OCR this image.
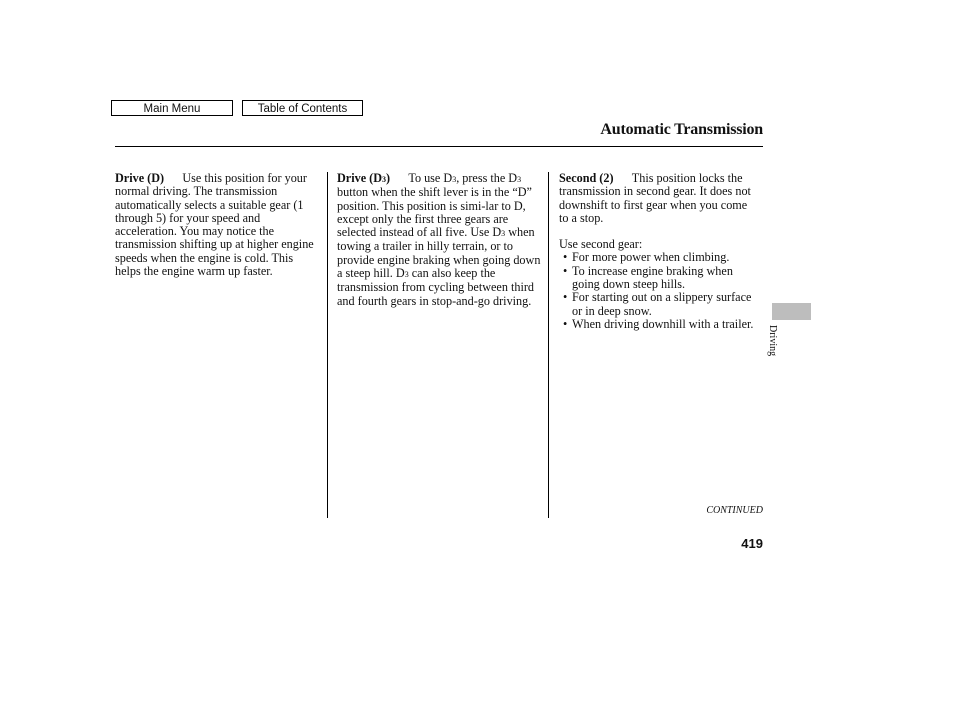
Main Menu	Table of Contents
Automatic Transmission

Drive (D) Use this position for your normal driving. The transmission automatically selects a suitable gear (1 through 5) for your speed and acceleration. You may notice the transmission shifting up at higher engine speeds when the engine is cold. This helps the engine warm up faster.

Drive (D3) To use D3, press the D3 button when the shift lever is in the “D” position. This position is simi-lar to D, except only the first three gears are selected instead of all five. Use D3 when towing a trailer in hilly terrain, or to provide engine braking when going down a steep hill. D3 can also keep the transmission from cycling between third and fourth gears in stop-and-go driving.

Second (2) This position locks the transmission in second gear. It does not downshift to first gear when you come to a stop.

Use second gear:

• For more power when climbing.
• To increase engine braking when going down steep hills.
• For starting out on a slippery surface or in deep snow.
• When driving downhill with a trailer.
Driving
CONTINUED
419
